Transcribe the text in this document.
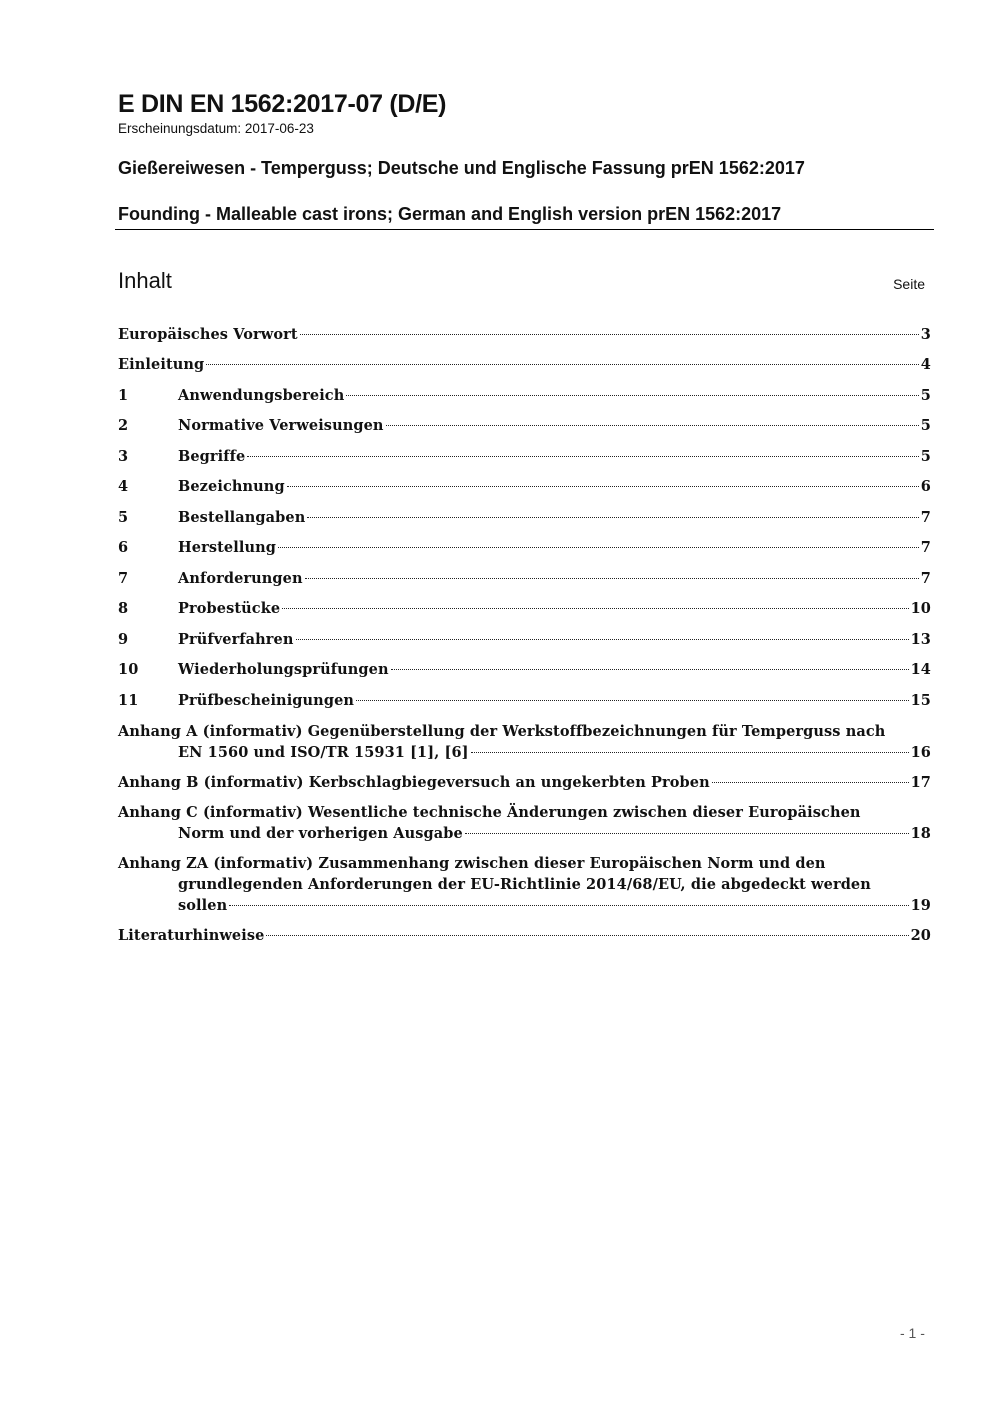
E DIN EN 1562:2017-07 (D/E)
Erscheinungsdatum: 2017-06-23
Gießereiwesen - Temperguss; Deutsche und Englische Fassung prEN 1562:2017
Founding - Malleable cast irons; German and English version prEN 1562:2017
Inhalt	Seite
Europäisches Vorwort	3
Einleitung	4
1	Anwendungsbereich	5
2	Normative Verweisungen	5
3	Begriffe	5
4	Bezeichnung	6
5	Bestellangaben	7
6	Herstellung	7
7	Anforderungen	7
8	Probestücke	10
9	Prüfverfahren	13
10	Wiederholungsprüfungen	14
11	Prüfbescheinigungen	15
Anhang A (informativ) Gegenüberstellung der Werkstoffbezeichnungen für Temperguss nach
EN 1560 und ISO/TR 15931 [1], [6]	16
Anhang B (informativ) Kerbschlagbiegeversuch an ungekerbten Proben	17
Anhang C (informativ) Wesentliche technische Änderungen zwischen dieser Europäischen
Norm und der vorherigen Ausgabe	18
Anhang ZA (informativ) Zusammenhang zwischen dieser Europäischen Norm und den
grundlegenden Anforderungen der EU-Richtlinie 2014/68/EU, die abgedeckt werden
sollen	19
Literaturhinweise	20
- 1 -
